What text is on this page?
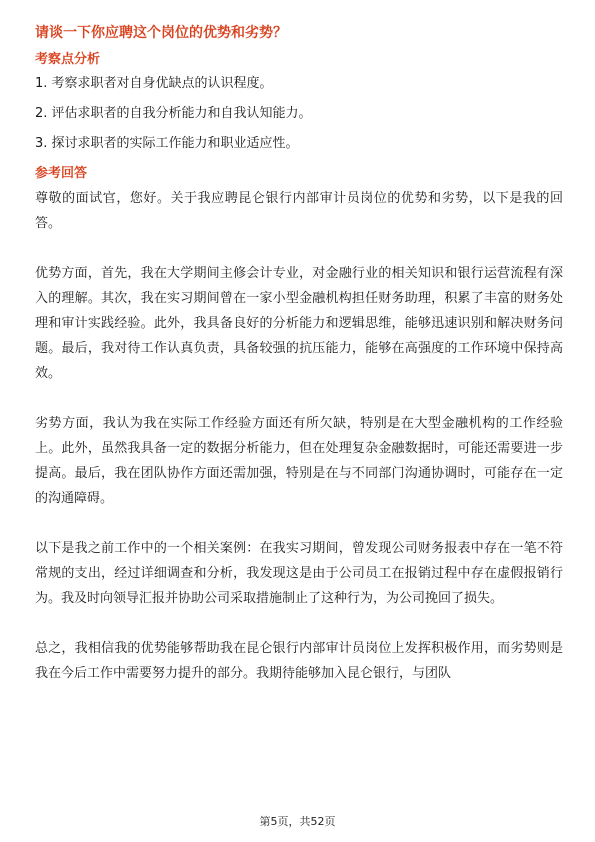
请谈一下你应聘这个岗位的优势和劣势？
考察点分析
1. 考察求职者对自身优缺点的认识程度。
2. 评估求职者的自我分析能力和自我认知能力。
3. 探讨求职者的实际工作能力和职业适应性。
参考回答

尊敬的面试官，您好。关于我应聘昆仑银行内部审计员岗位的优势和劣势，以下是我的回答。

优势方面，首先，我在大学期间主修会计专业，对金融行业的相关知识和银行运营流程有深入的理解。其次，我在实习期间曾在一家小型金融机构担任财务助理，积累了丰富的财务处理和审计实践经验。此外，我具备良好的分析能力和逻辑思维，能够迅速识别和解决财务问题。最后，我对待工作认真负责，具备较强的抗压能力，能够在高强度的工作环境中保持高效。

劣势方面，我认为我在实际工作经验方面还有所欠缺，特别是在大型金融机构的工作经验上。此外，虽然我具备一定的数据分析能力，但在处理复杂金融数据时，可能还需要进一步提高。最后，我在团队协作方面还需加强，特别是在与不同部门沟通协调时，可能存在一定的沟通障碍。

以下是我之前工作中的一个相关案例：在我实习期间，曾发现公司财务报表中存在一笔不符常规的支出，经过详细调查和分析，我发现这是由于公司员工在报销过程中存在虚假报销行为。我及时向领导汇报并协助公司采取措施制止了这种行为，为公司挽回了损失。

总之，我相信我的优势能够帮助我在昆仑银行内部审计员岗位上发挥积极作用，而劣势则是我在今后工作中需要努力提升的部分。我期待能够加入昆仑银行，与团队

第5页，共52页
